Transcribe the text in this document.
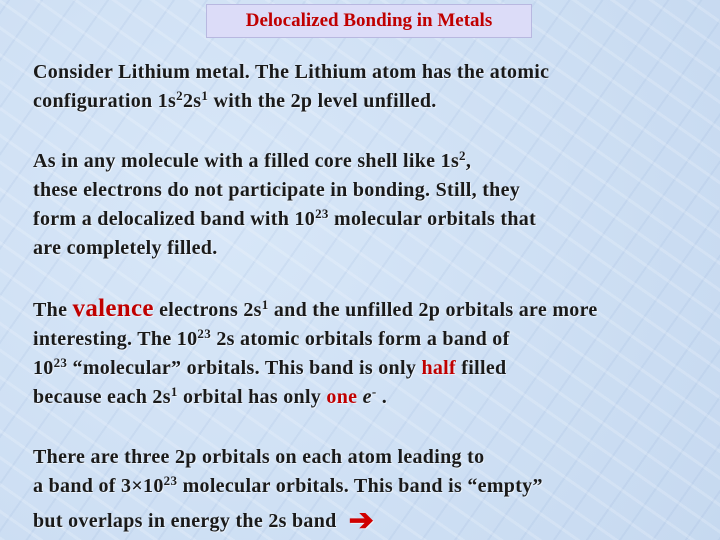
Delocalized Bonding in Metals
Consider Lithium metal. The Lithium atom has the atomic
configuration $1s^22s^1$ with the 2p level unfilled.
As in any molecule with a filled core shell like $1s^2$,
these electrons do not participate in bonding. Still, they
form a delocalized band with $10^{23}$ molecular orbitals that
are completely filled.
The valence electrons $2s^1$ and the unfilled 2p orbitals are more
interesting. The $10^{23}$ 2s atomic orbitals form a band of
$10^{23}$ “molecular” orbitals. This band is only half filled
because each $2s^1$ orbital has only one e- .
There are three 2p orbitals on each atom leading to
a band of $3\times 10^{23}$ molecular orbitals. This band is “empty”
but overlaps in energy the 2s band ➔
